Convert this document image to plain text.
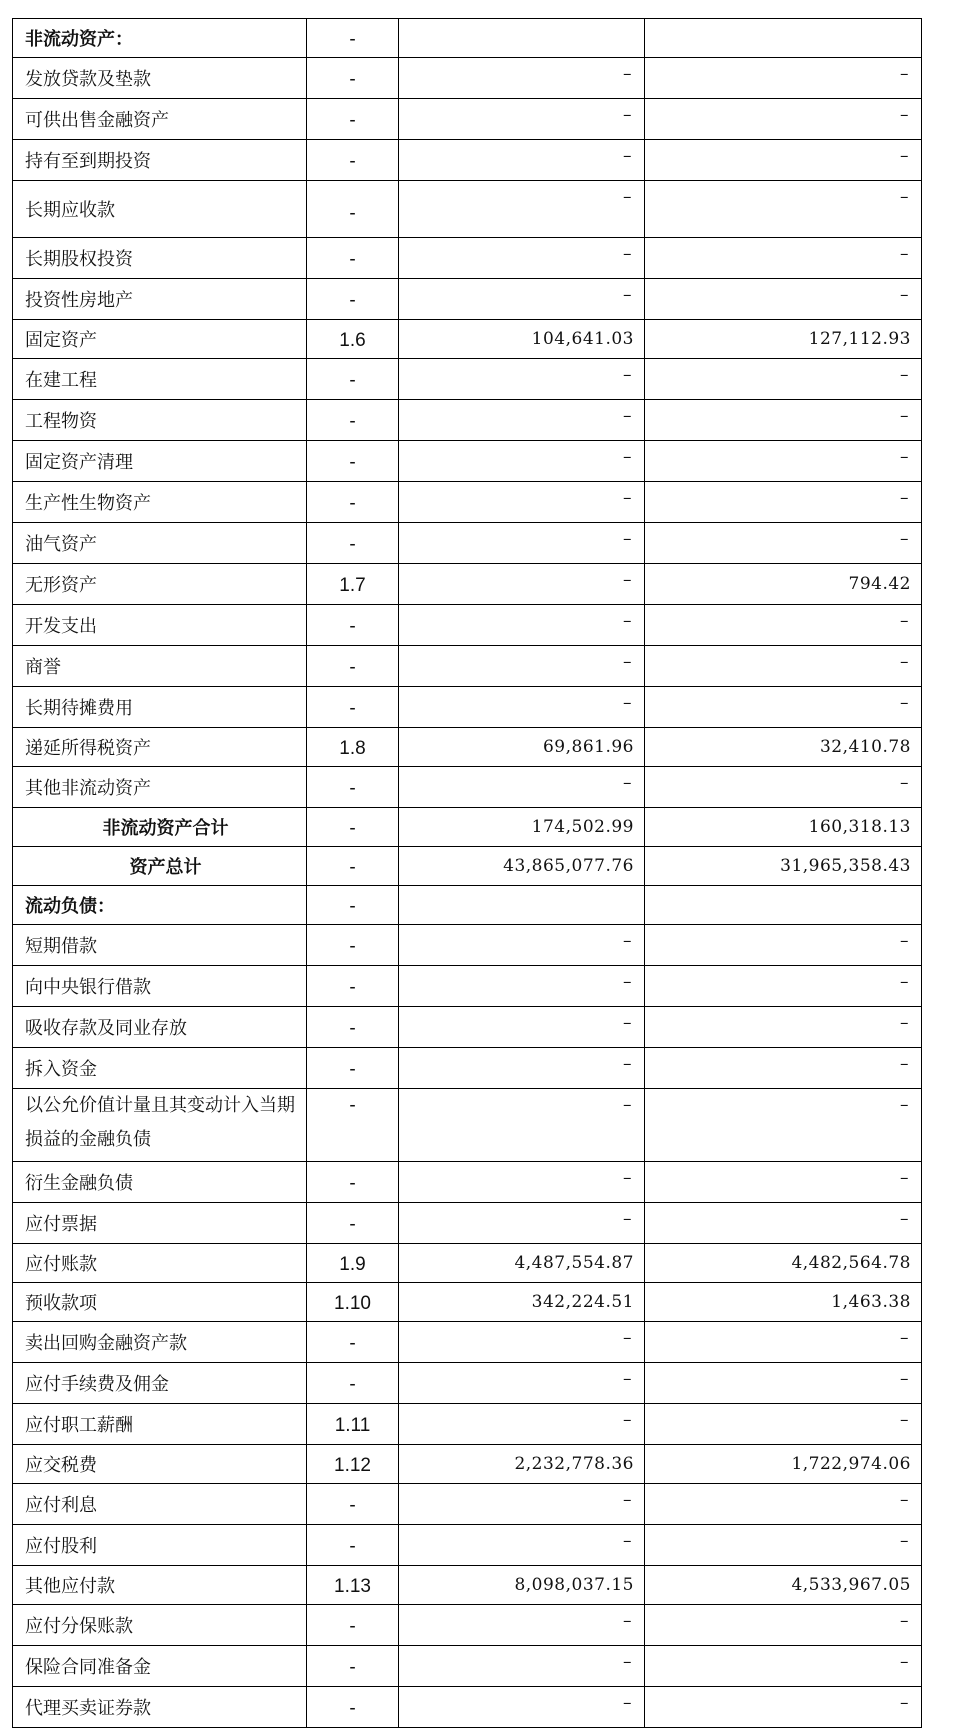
非流动资产：	-		
发放贷款及垫款	-	–	–
可供出售金融资产	-	–	–
持有至到期投资	-	–	–
长期应收款	-	–	–
长期股权投资	-	–	–
投资性房地产	-	–	–
固定资产	1.6	104,641.03	127,112.93
在建工程	-	–	–
工程物资	-	–	–
固定资产清理	-	–	–
生产性生物资产	-	–	–
油气资产	-	–	–
无形资产	1.7	–	794.42
开发支出	-	–	–
商誉	-	–	–
长期待摊费用	-	–	–
递延所得税资产	1.8	69,861.96	32,410.78
其他非流动资产	-	–	–
非流动资产合计	-	174,502.99	160,318.13
资产总计	-	43,865,077.76	31,965,358.43
流动负债：	-		
短期借款	-	–	–
向中央银行借款	-	–	–
吸收存款及同业存放	-	–	–
拆入资金	-	–	–
以公允价值计量且其变动计入当期损益的金融负债	-	–	–
衍生金融负债	-	–	–
应付票据	-	–	–
应付账款	1.9	4,487,554.87	4,482,564.78
预收款项	1.10	342,224.51	1,463.38
卖出回购金融资产款	-	–	–
应付手续费及佣金	-	–	–
应付职工薪酬	1.11	–	–
应交税费	1.12	2,232,778.36	1,722,974.06
应付利息	-	–	–
应付股利	-	–	–
其他应付款	1.13	8,098,037.15	4,533,967.05
应付分保账款	-	–	–
保险合同准备金	-	–	–
代理买卖证券款	-	–	–
